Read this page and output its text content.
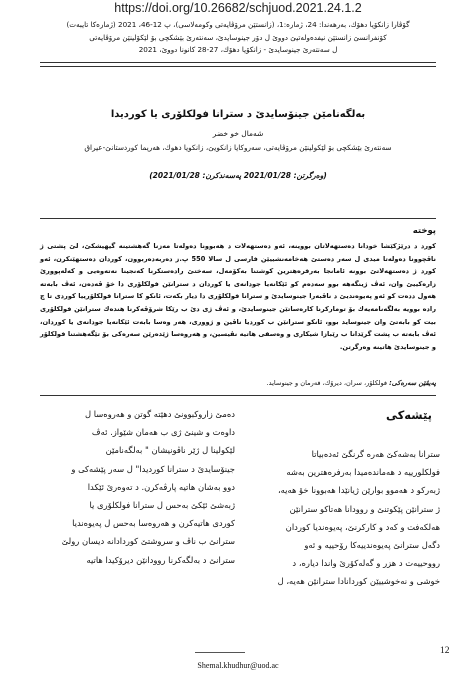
https://doi.org/10.26682/schjuod.2021.24.1.2
گۆڤارا زانكۆیا دهۆك، بەرهەندا: 24، ژمارە:1، (زانستێن مرۆڤایەتی وكومەلاسى)، پ 12-46، 2021 (ژمارەكا تایبەت)
كۆنفرانسێ زانستێن نیفدەولەتیێ دووێ ل دۆر جینوسایدێ، سەنتەرێ بێشكچی بۆ لێكۆلینێن مرۆڤایەتی
ل سەنتەرێ جینوسایدێ - زانكۆیا دهۆك، 27-28 كانونا دووێ، 2021
بەلگەنامێن جینۆسایدێ د سترانا فولكلۆری یا كوردیدا
شەمال خو خضر
سەنتەرێ بێشكچی بۆ لێكولینێن مرۆڤایەتی، سەروكایا زانكویێ، زانكویا دهوك، هەریما كوردستانێ-عیراق
(وەرگرتن: 2021/01/28 پەسەندكرن: 2021/01/28)
پوختە
كورد د درێژكێشا خودانا دەستهەلاتان بووینە، ئەو دەستهەلات د هەبوونا دەولەتا مەزنا گەهشتینە گیهیشكێ، لێ پشتی ژ ناڤچوونا دەولەتا میدی ل سەر دەستێ هەخامەنشییێن فارسی ل سالا 550 پ.ز دەربەدەربوون، كوردان دەستهێنكرن، ئەو كورد ژ دەستهەلاتێ بوونە ئامانجا بەرفرەهترین كوشتنا بەكۆمەل، سەختێ رادەستكرنا كەنجینا نەتەوەیی و كەلەپوورێ زارەكییێ وان، ئەڤ ژینگەهە بوو سەدەم كو ئێكانەیا جودانەی یا كوردان د سترانێن فولكلۆری دا خۆ ڤەدەن، ئەڤ بابەتە هەول ددەت كو ئەو پەیوەندیێ د ناڤبەرا جینوسایدێ و سترانا فولكلۆری دا دیار بكەت، ئانكو كا سترانا فولكلۆرییا كوردی تا چ رادە بوویە بەلگەنامەیەك بۆ توماركرنا كارەساتێن جینوسایدێ، و ئەڤ ژی دێ ب رێكا شرۆڤەكرنا هندەك سترانێن فولكلۆری بیت كو بابەتێ وان جینوساید بوو، ئانكو سترانێن ب كوردیا ناڤین و ژووری، هەر وەسا بابەت ئێكانەیا جودانەی یا كوردان، ئەڤ بابەتە ب پشت گرێدانا ب رێبازا شیكاری و وەسفی هاتیە نڤیسین، و هەروەسا ژێدەرێن سەرەكی بۆ تێگەهشتنا فولكلۆر و جینوسایدێ هاتینە وەرگرتن.
پەیڤێن سەرەكی: فولكلۆر، سران، دیرۆك، فەرمان و جینوساید.
پێشەكی
سترانا بەشەكێ هەرە گرنگێ ئەدەبیاتا
فولكلورییە د هەماندەمیدا بەرفرەهترین بەشە
ژبەركو د هەموو بوارێن ژیانێدا هەبوونا خۆ هەیە،
ژ سترانێن پێكوتنێ و روودانا هەتاكو سترانێن
هەلكەفت و كەد و كاركرنێ، پەیوەندیا كوردان
دگەل سترانێ پەیوەندییەكا رۆحییە و ئەو
رووحییەت د هزر و گەلەكۆرێ واندا دیارە، د
خوشی و نەخوشییێن كوردانادا سترانێن هەیە، ل
دەمێ زاروكبوونێ دهێتە گوتن و هەروەسا ل
داوەت و شینێ ژی ب هەمان شێواز. ئەڤ
لێكولینا ل ژێر ناڤونیشان " بەلگەنامێن
جینۆسایدێ د سترانا كوردیدا" ل سەر پێشەكی و
دوو بەشان هاتیە پارڤەكرن. د تەوەرێ ئێكدا
ژبەشێ ئێكێ بەحس ل سترانا فولكلۆری یا
كوردی هاتیەكرن و هەروەسا بەحس ل پەیوەندیا
سترانێ ب ناڤ و سروشتێ كوردادانە دیسان رولێ
سترانێ د بەلگەكرنا روودانێن دیرۆكیدا هاتیە
12
Shemal.khudhur@uod.ac
